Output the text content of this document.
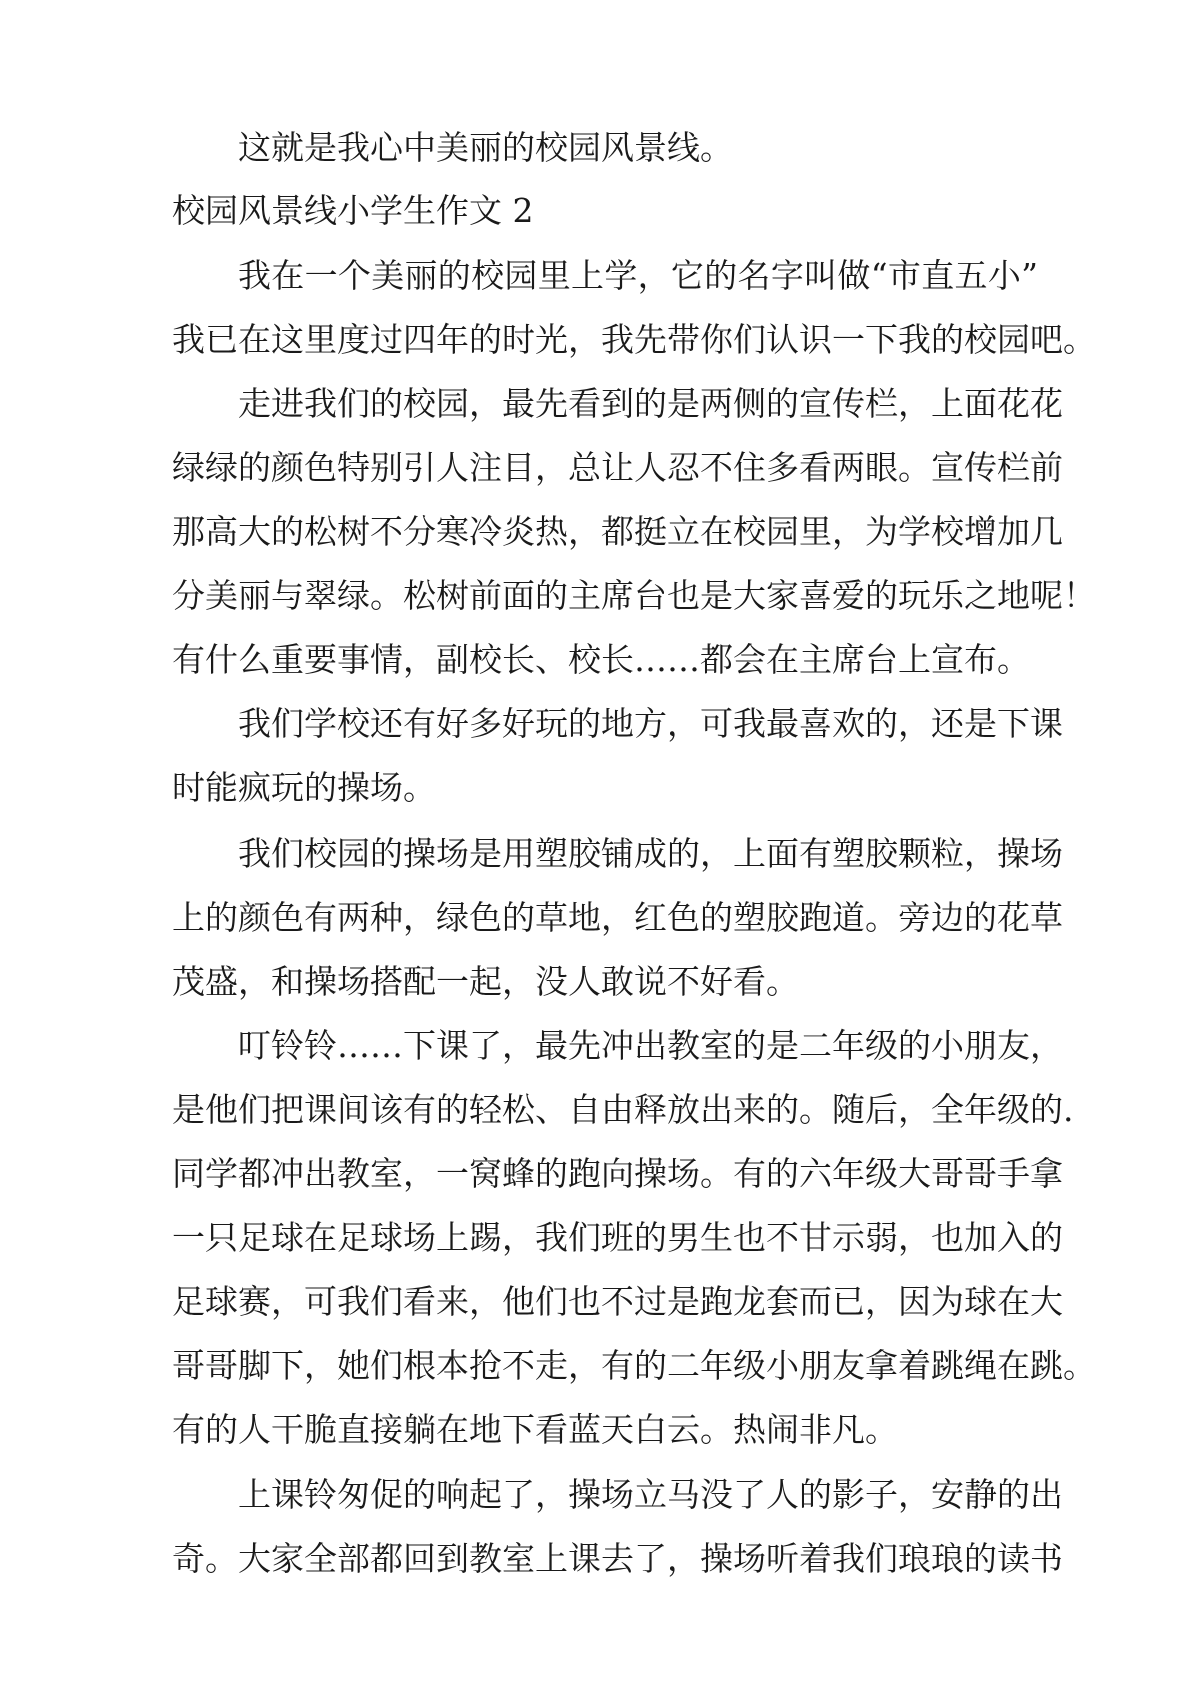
这就是我心中美丽的校园风景线。
校园风景线小学生作文 2
我在一个美丽的校园里上学，它的名字叫做“市直五小”
我已在这里度过四年的时光，我先带你们认识一下我的校园吧。
走进我们的校园，最先看到的是两侧的宣传栏，上面花花
绿绿的颜色特别引人注目，总让人忍不住多看两眼。宣传栏前
那高大的松树不分寒冷炎热，都挺立在校园里，为学校增加几
分美丽与翠绿。松树前面的主席台也是大家喜爱的玩乐之地呢！
有什么重要事情，副校长、校长……都会在主席台上宣布。
我们学校还有好多好玩的地方，可我最喜欢的，还是下课
时能疯玩的操场。
我们校园的操场是用塑胶铺成的，上面有塑胶颗粒，操场
上的颜色有两种，绿色的草地，红色的塑胶跑道。旁边的花草
茂盛，和操场搭配一起，没人敢说不好看。
叮铃铃……下课了，最先冲出教室的是二年级的小朋友，
是他们把课间该有的轻松、自由释放出来的。随后，全年级的.
同学都冲出教室，一窝蜂的跑向操场。有的六年级大哥哥手拿
一只足球在足球场上踢，我们班的男生也不甘示弱，也加入的
足球赛，可我们看来，他们也不过是跑龙套而已，因为球在大
哥哥脚下，她们根本抢不走，有的二年级小朋友拿着跳绳在跳。
有的人干脆直接躺在地下看蓝天白云。热闹非凡。
上课铃匆促的响起了，操场立马没了人的影子，安静的出
奇。大家全部都回到教室上课去了，操场听着我们琅琅的读书
